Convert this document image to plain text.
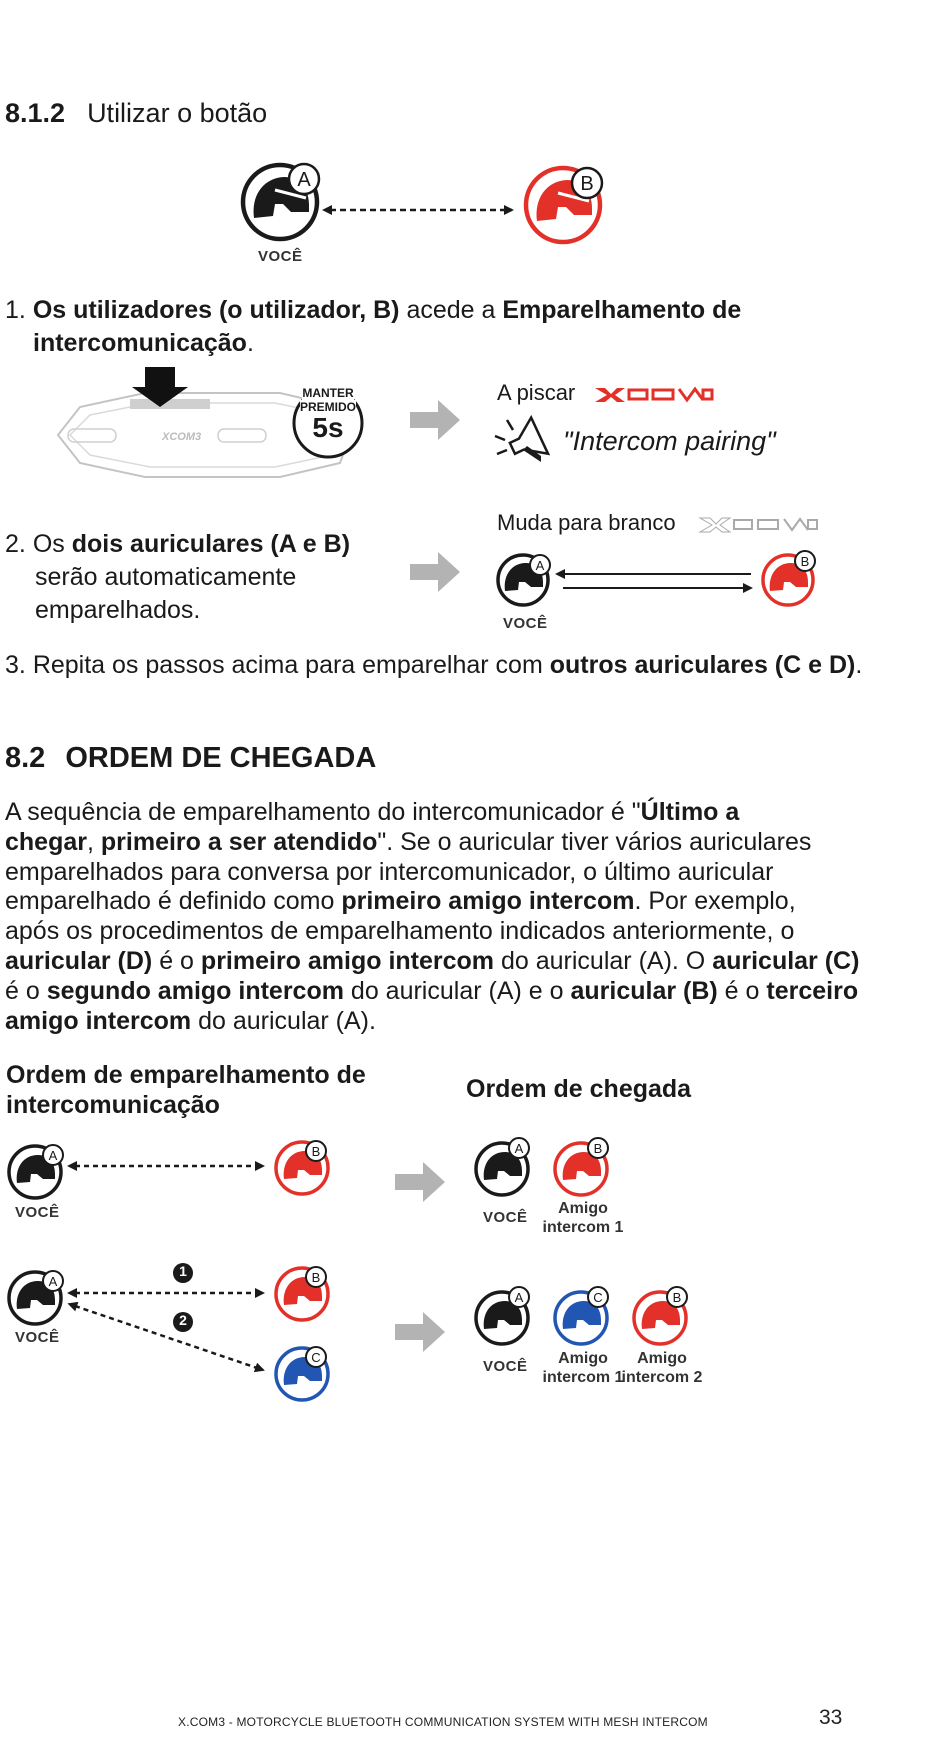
8.1.2 Utilizar o botão
A	B
VOCÊ
1. Os utilizadores (o utilizador, B) acede a Emparelhamento de
intercomunicação.
XCOM3
MANTER
PREMIDO
5s
A piscar
"Intercom pairing"
2. Os dois auriculares (A e B)
serão automaticamente
emparelhados.
Muda para branco
A	B
VOCÊ
3. Repita os passos acima para emparelhar com outros auriculares (C e D).
8.2 ORDEM DE CHEGADA
A sequência de emparelhamento do intercomunicador é "Último a
chegar, primeiro a ser atendido". Se o auricular tiver vários auriculares
emparelhados para conversa por intercomunicador, o último auricular
emparelhado é definido como primeiro amigo intercom. Por exemplo,
após os procedimentos de emparelhamento indicados anteriormente, o
auricular (D) é o primeiro amigo intercom do auricular (A). O auricular (C)
é o segundo amigo intercom do auricular (A) e o auricular (B) é o terceiro
amigo intercom do auricular (A).
Ordem de emparelhamento de
intercomunicação
Ordem de chegada
A	B
VOCÊ
A	B
VOCÊ
Amigo
intercom 1
A	B
C
1
2
VOCÊ
A	C	B
VOCÊ	Amigo
intercom 1
Amigo
intercom 2
X.COM3 - MOTORCYCLE BLUETOOTH COMMUNICATION SYSTEM WITH MESH INTERCOM	33
